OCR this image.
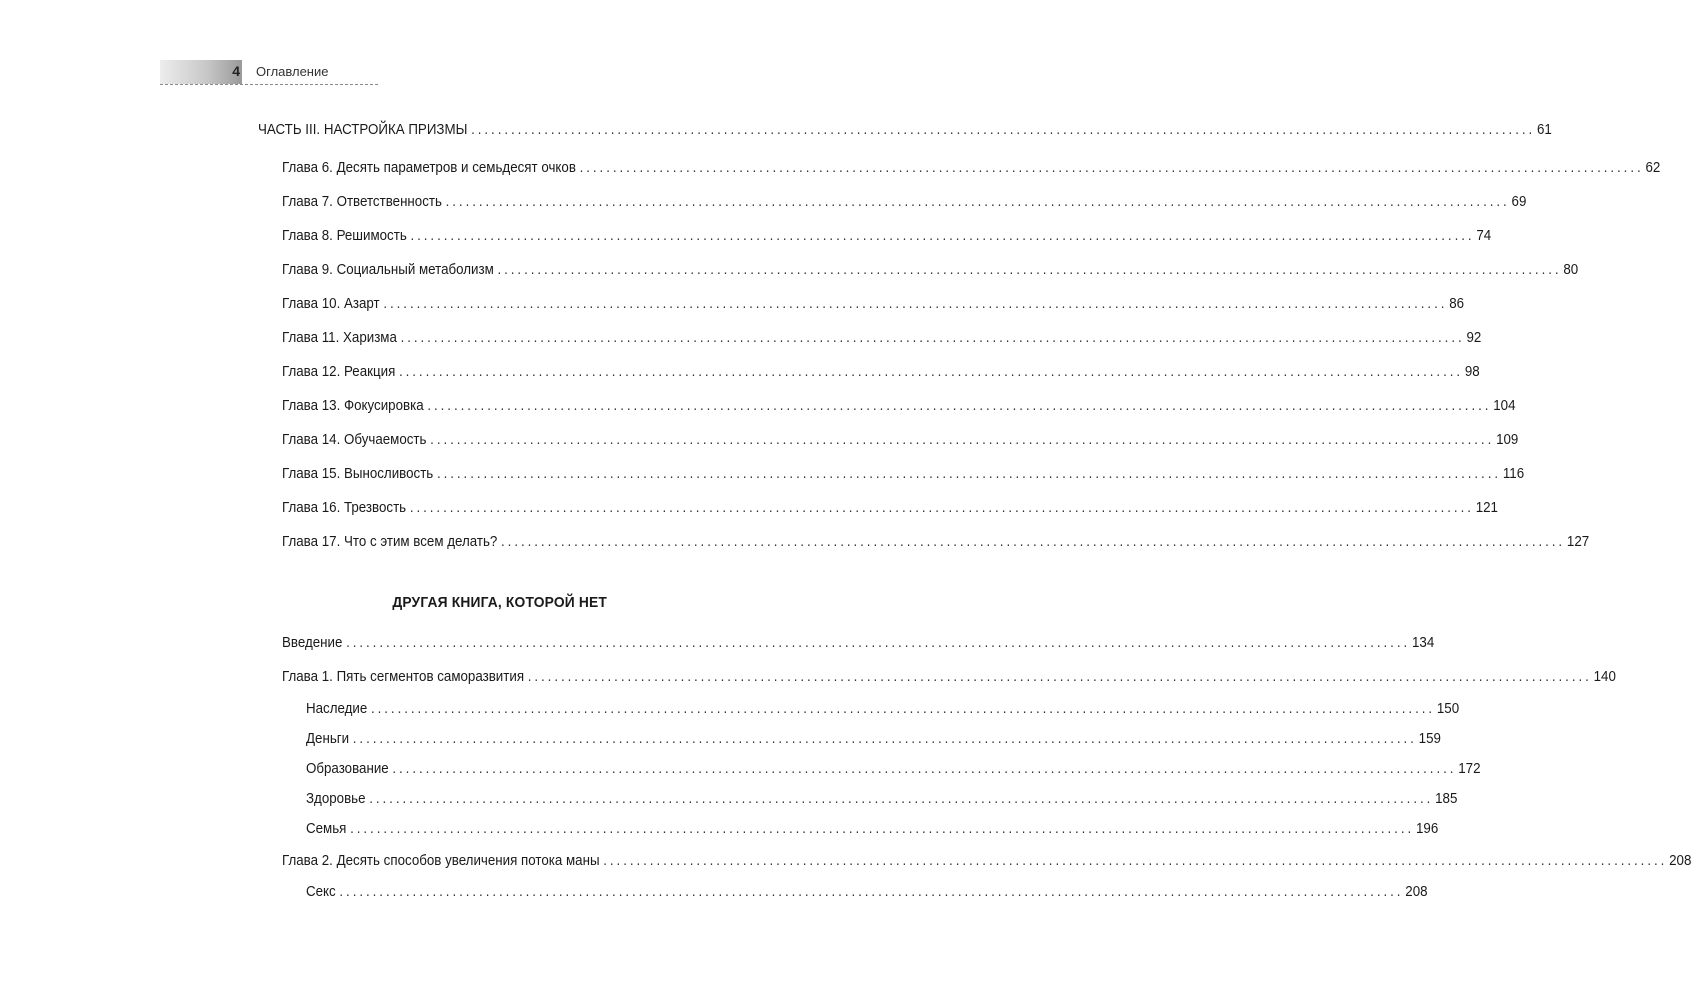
4 Оглавление
ЧАСТЬ III. НАСТРОЙКА ПРИЗМЫ ................................................................................................................................................................ 61
Глава 6. Десять параметров и семьдесят очков ................................................................................................................................................................ 62
Глава 7. Ответственность ................................................................................................................................................................ 69
Глава 8. Решимость ................................................................................................................................................................ 74
Глава 9. Социальный метаболизм ................................................................................................................................................................ 80
Глава 10. Азарт ................................................................................................................................................................ 86
Глава 11. Харизма ................................................................................................................................................................ 92
Глава 12. Реакция ................................................................................................................................................................ 98
Глава 13. Фокусировка ................................................................................................................................................................ 104
Глава 14. Обучаемость ................................................................................................................................................................ 109
Глава 15. Выносливость ................................................................................................................................................................ 116
Глава 16. Трезвость ................................................................................................................................................................ 121
Глава 17. Что с этим всем делать? ................................................................................................................................................................ 127
ДРУГАЯ КНИГА, КОТОРОЙ НЕТ
Введение ................................................................................................................................................................ 134
Глава 1. Пять сегментов саморазвития ................................................................................................................................................................ 140
Наследие ................................................................................................................................................................ 150
Деньги ................................................................................................................................................................ 159
Образование ................................................................................................................................................................ 172
Здоровье ................................................................................................................................................................ 185
Семья ................................................................................................................................................................ 196
Глава 2. Десять способов увеличения потока маны ................................................................................................................................................................ 208
Секс ................................................................................................................................................................ 208
